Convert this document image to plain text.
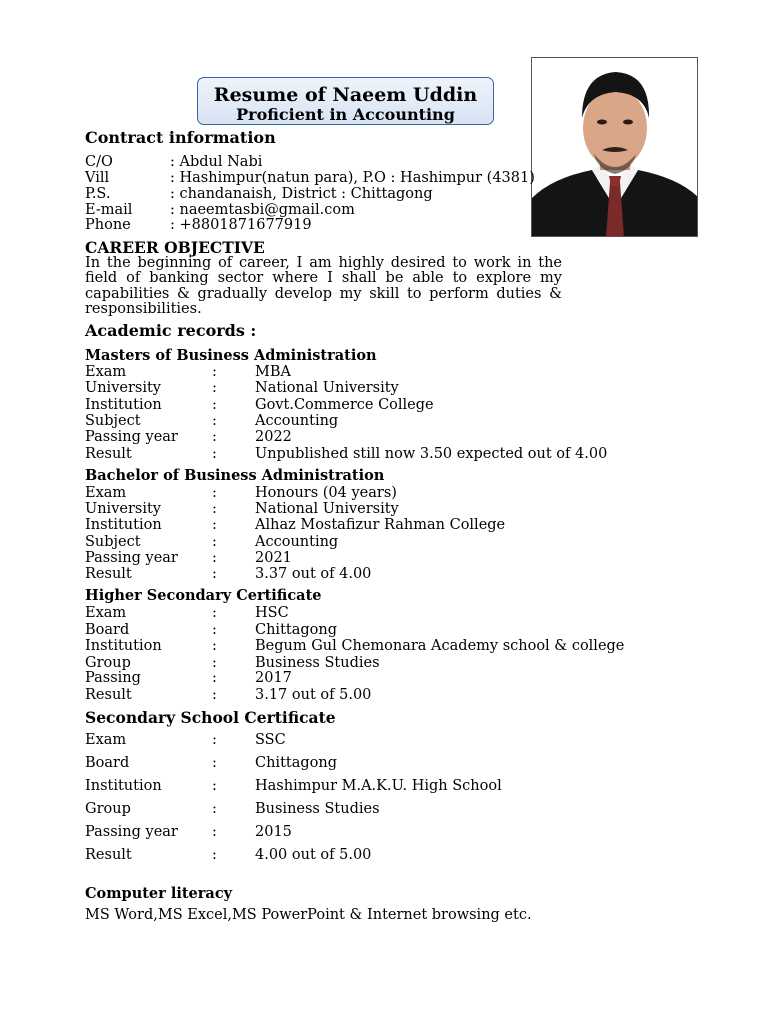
Resume of Naeem Uddin
Proficient in Accounting
Contract information
C/O	: Abdul Nabi
Vill	: Hashimpur(natun para), P.O : Hashimpur (4381)
P.S.	: chandanaish, District : Chittagong
E-mail	: naeemtasbi@gmail.com
Phone	: +8801871677919
CAREER OBJECTIVE
In the beginning of career, I am highly desired to work in the field of banking sector where I shall be able to explore my capabilities & gradually develop my skill to perform duties & responsibilities.
Academic records :
Masters of Business Administration
Exam	:	MBA
University	:	National University
Institution	:	Govt.Commerce College
Subject	:	Accounting
Passing year :	2022
Result	:	Unpublished still now 3.50 expected out of 4.00
Bachelor of Business Administration
Exam	:	Honours (04 years)
University	:	National University
Institution	:	Alhaz Mostafizur Rahman College
Subject	:	Accounting
Passing year :	2021
Result	:	3.37 out of 4.00
Higher Secondary Certificate
Exam	:	HSC
Board	:	Chittagong
Institution	:	Begum Gul Chemonara Academy school & college
Group	:	Business Studies
Passing	:	2017
Result	:	3.17 out of 5.00
Secondary School Certificate
Exam	:	SSC
Board	:	Chittagong
Institution	:	Hashimpur M.A.K.U. High School
Group	:	Business Studies
Passing year :	2015
Result	:	4.00 out of 5.00
Computer literacy
MS Word,MS Excel,MS PowerPoint & Internet browsing etc.
